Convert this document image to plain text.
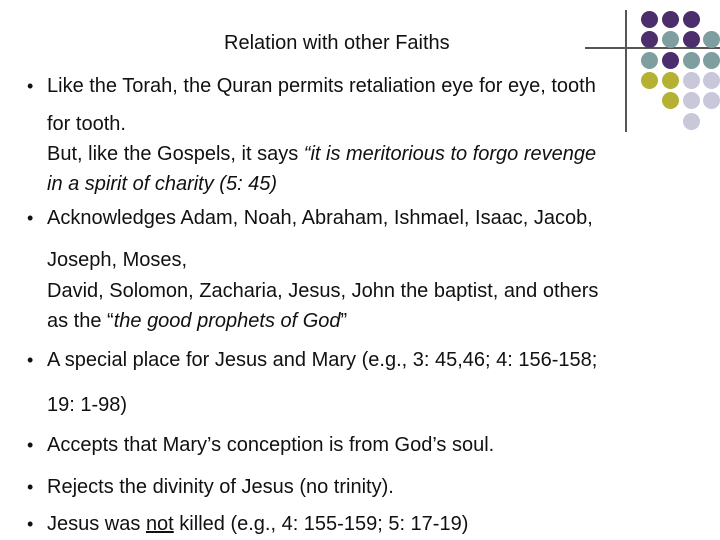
Relation with other Faiths
• Like the Torah, the Quran permits retaliation eye for eye, tooth
for tooth.
But, like the Gospels, it says “it is meritorious to forgo revenge
in a spirit of charity (5: 45)
• Acknowledges Adam, Noah, Abraham, Ishmael, Isaac, Jacob,
Joseph, Moses,
David, Solomon, Zacharia, Jesus, John the baptist, and others
as the “the good prophets of God”
• A special place for Jesus and Mary (e.g., 3: 45,46; 4: 156-158;
19: 1-98)
• Accepts that Mary’s conception is from God’s soul.
• Rejects the divinity of Jesus (no trinity).
• Jesus was not killed (e.g., 4: 155-159; 5: 17-19)
